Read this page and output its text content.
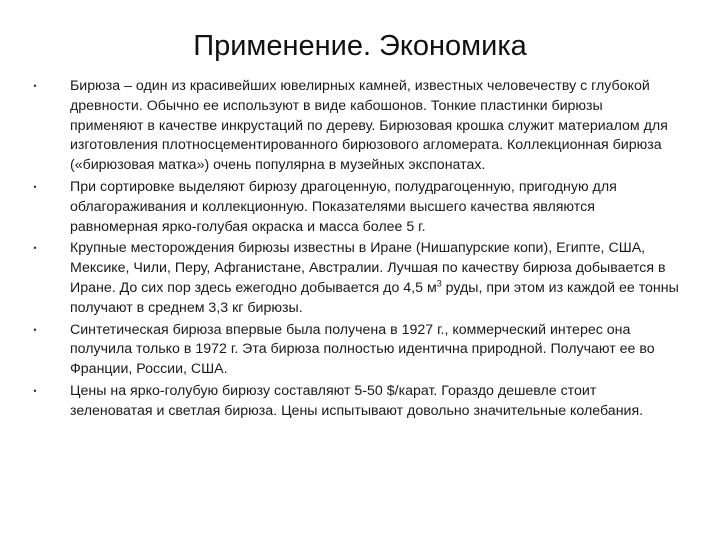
Применение. Экономика
• Бирюза – один из красивейших ювелирных камней, известных человечеству с глубокой древности. Обычно ее используют в виде кабошонов. Тонкие пластинки бирюзы применяют в качестве инкрустаций по дереву. Бирюзовая крошка служит материалом для изготовления плотносцементированного бирюзового агломерата. Коллекционная бирюза («бирюзовая матка») очень популярна в музейных экспонатах.
• При сортировке выделяют бирюзу драгоценную, полудрагоценную, пригодную для облагораживания и коллекционную. Показателями высшего качества являются равномерная ярко-голубая окраска и масса более 5 г.
• Крупные месторождения бирюзы известны в Иране (Нишапурские копи), Египте, США, Мексике, Чили, Перу, Афганистане, Австралии. Лучшая по качеству бирюза добывается в Иране. До сих пор здесь ежегодно добывается до 4,5 $м^3$ руды, при этом из каждой ее тонны получают в среднем 3,3 кг бирюзы.
• Синтетическая бирюза впервые была получена в 1927 г., коммерческий интерес она получила только в 1972 г. Эта бирюза полностью идентична природной. Получают ее во Франции, России, США.
• Цены на ярко-голубую бирюзу составляют 5-50 $/карат. Гораздо дешевле стоит зеленоватая и светлая бирюза. Цены испытывают довольно значительные колебания.
